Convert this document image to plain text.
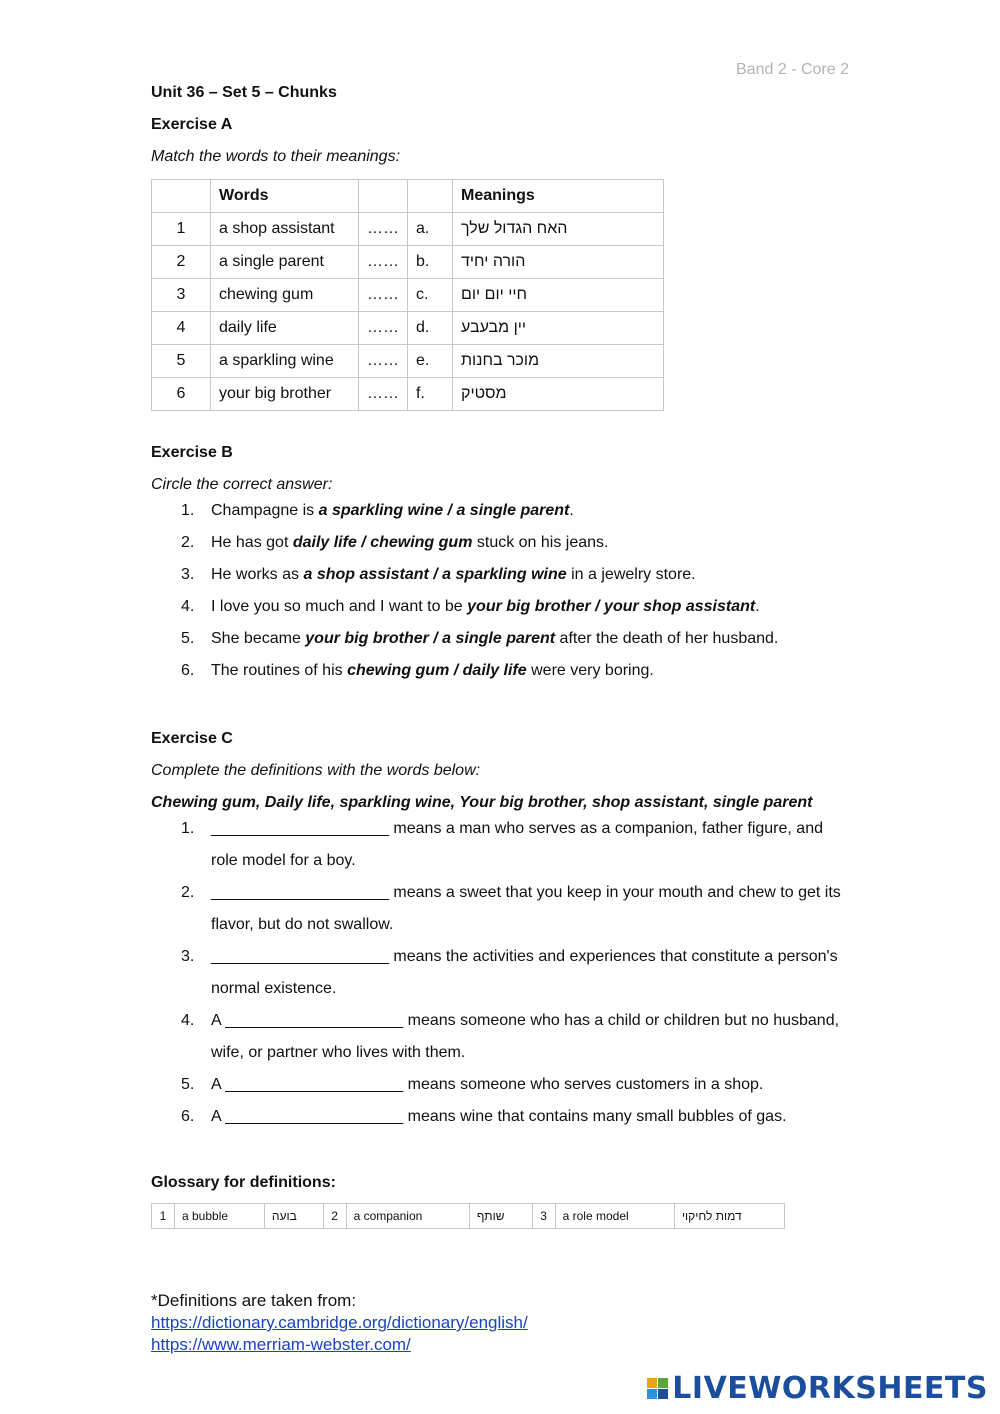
Band 2 - Core 2
Unit 36 – Set 5 – Chunks
Exercise A
Match the words to their meanings:
	Words			Meanings
1	a shop assistant	……	a.	האח הגדול שלך

2	a single parent	……	b.	הורה יחיד

3	chewing gum	……	c.	חיי יום יום

4	daily life	……	d.	יין מבעבע

5	a sparkling wine	……	e.	מוכר בחנות

6	your big brother	……	f.	מסטיק
Exercise B
Circle the correct answer:
1. Champagne is a sparkling wine / a single parent.
2. He has got daily life / chewing gum stuck on his jeans.
3. He works as a shop assistant / a sparkling wine in a jewelry store.
4. I love you so much and I want to be your big brother / your shop assistant.
5. She became your big brother / a single parent after the death of her husband.
6. The routines of his chewing gum / daily life were very boring.
Exercise C
Complete the definitions with the words below:
Chewing gum, Daily life, sparkling wine, Your big brother, shop assistant, single parent
1. ____________________ means a man who serves as a companion, father figure, and role model for a boy.
2. ____________________ means a sweet that you keep in your mouth and chew to get its flavor, but do not swallow.
3. ____________________ means the activities and experiences that constitute a person's normal existence.
4. A ____________________ means someone who has a child or children but no husband, wife, or partner who lives with them.
5. A ____________________ means someone who serves customers in a shop.
6. A ____________________ means wine that contains many small bubbles of gas.
Glossary for definitions:
1	a bubble	בועה	2	a companion	שותף	3	a role model	דמות לחיקוי
*Definitions are taken from:
https://dictionary.cambridge.org/dictionary/english/
https://www.merriam-webster.com/
LIVEWORKSHEETS
